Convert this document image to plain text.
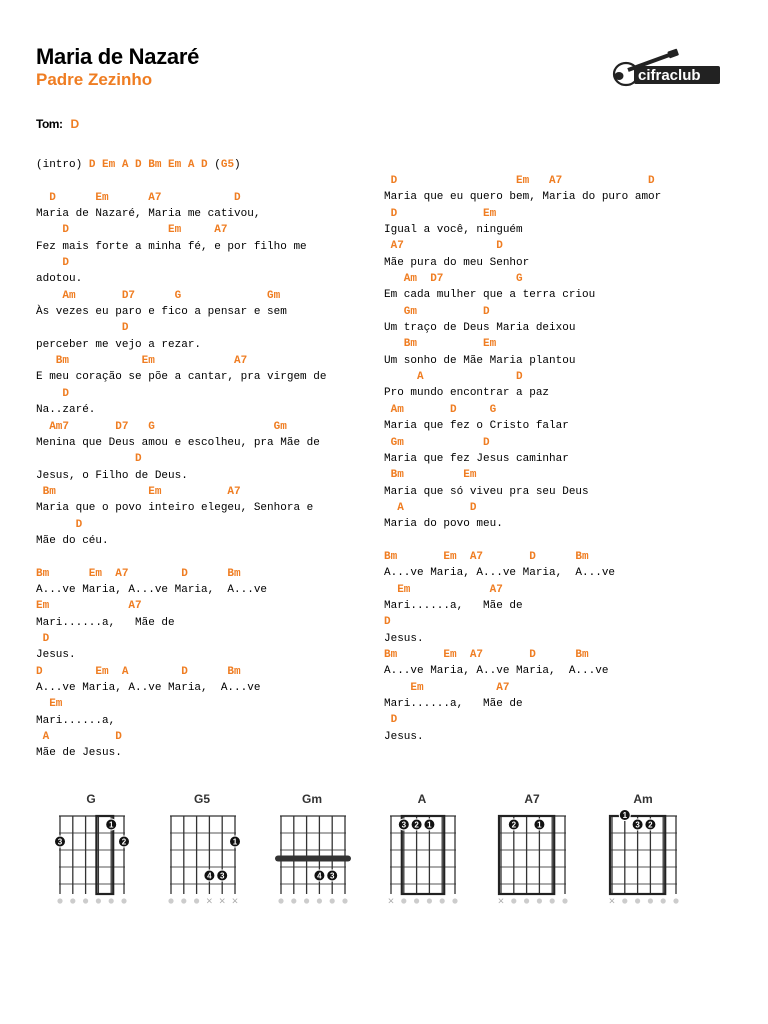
Maria de Nazaré
Padre Zezinho	cifraclub
Tom: D
(intro) D Em A D Bm Em A D (G5)
D      Em      A7           D
Maria de Nazaré, Maria me cativou,
D               Em     A7
Fez mais forte a minha fé, e por filho me
D
adotou.
Am       D7      G             Gm
Às vezes eu paro e fico a pensar e sem
D
perceber me vejo a rezar.
Bm           Em            A7
E meu coração se põe a cantar, pra virgem de
D
Na..zaré.
Am7       D7   G                  Gm
Menina que Deus amou e escolheu, pra Mãe de
D
Jesus, o Filho de Deus.
Bm              Em          A7
Maria que o povo inteiro elegeu, Senhora e
D
Mãe do céu.
Bm      Em  A7        D      Bm
A...ve Maria, A...ve Maria,  A...ve
Em            A7
Mari......a,   Mãe de
D
Jesus.
D        Em  A        D      Bm
A...ve Maria, A..ve Maria,  A...ve
Em
Mari......a,
A          D
Mãe de Jesus.
D                  Em   A7             D
Maria que eu quero bem, Maria do puro amor
D             Em
Igual a você, ninguém
A7              D
Mãe pura do meu Senhor
Am  D7           G
Em cada mulher que a terra criou
Gm          D
Um traço de Deus Maria deixou
Bm          Em
Um sonho de Mãe Maria plantou
A              D
Pro mundo encontrar a paz
Am       D     G
Maria que fez o Cristo falar
Gm            D
Maria que fez Jesus caminhar
Bm         Em
Maria que só viveu pra seu Deus
A          D
Maria do povo meu.
Bm       Em  A7       D      Bm
A...ve Maria, A...ve Maria,  A...ve
Em            A7
Mari......a,   Mãe de
D
Jesus.
Bm       Em  A7       D      Bm
A...ve Maria, A..ve Maria,  A...ve
Em           A7
Mari......a,   Mãe de
D
Jesus.
G
2
1
3
G5
1
3
4
× × ×
Gm
3
4
A
1
2
3
×
A7
1
2
×
Am
2
3
1
×
